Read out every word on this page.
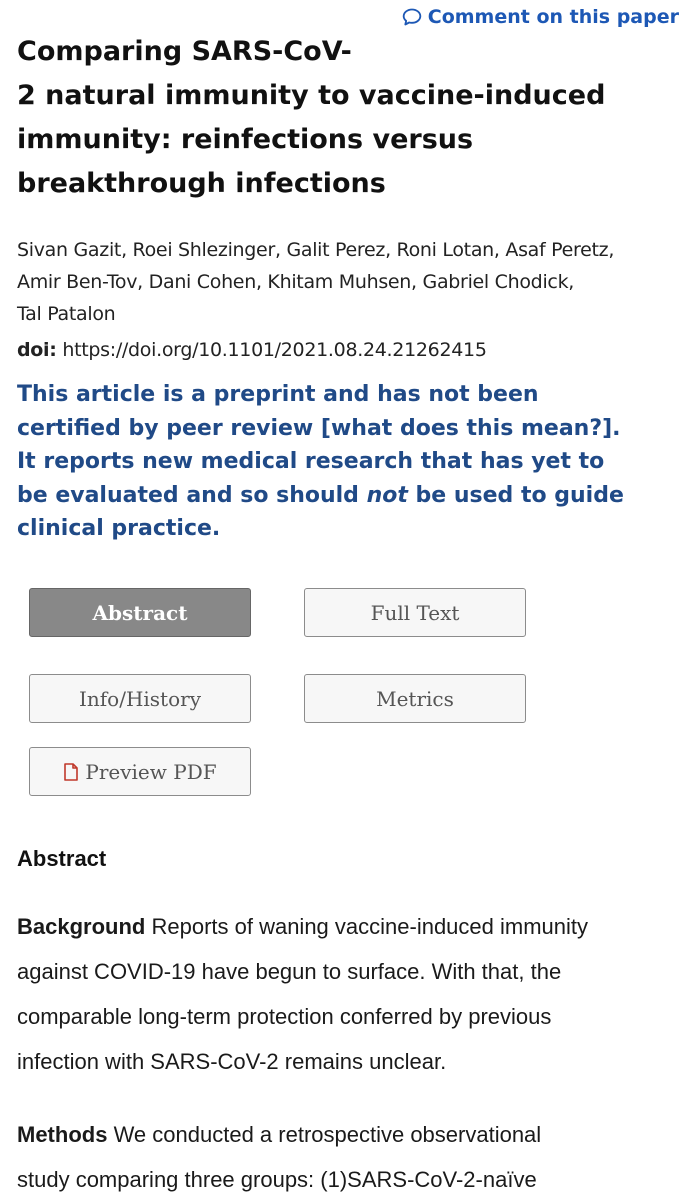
Comment on this paper
Comparing SARS-CoV-
2 natural immunity to vaccine-induced
immunity: reinfections versus
breakthrough infections
Sivan Gazit, Roei Shlezinger, Galit Perez, Roni Lotan, Asaf Peretz,
Amir Ben-Tov, Dani Cohen, Khitam Muhsen, Gabriel Chodick,
Tal Patalon
doi: https://doi.org/10.1101/2021.08.24.21262415
This article is a preprint and has not been
certified by peer review [what does this mean?].
It reports new medical research that has yet to
be evaluated and so should not be used to guide
clinical practice.
Abstract	Full Text
Info/History	Metrics
Preview PDF
Abstract
Background Reports of waning vaccine-induced immunity
against COVID-19 have begun to surface. With that, the
comparable long-term protection conferred by previous
infection with SARS-CoV-2 remains unclear.
Methods We conducted a retrospective observational
study comparing three groups: (1)SARS-CoV-2-naïve
